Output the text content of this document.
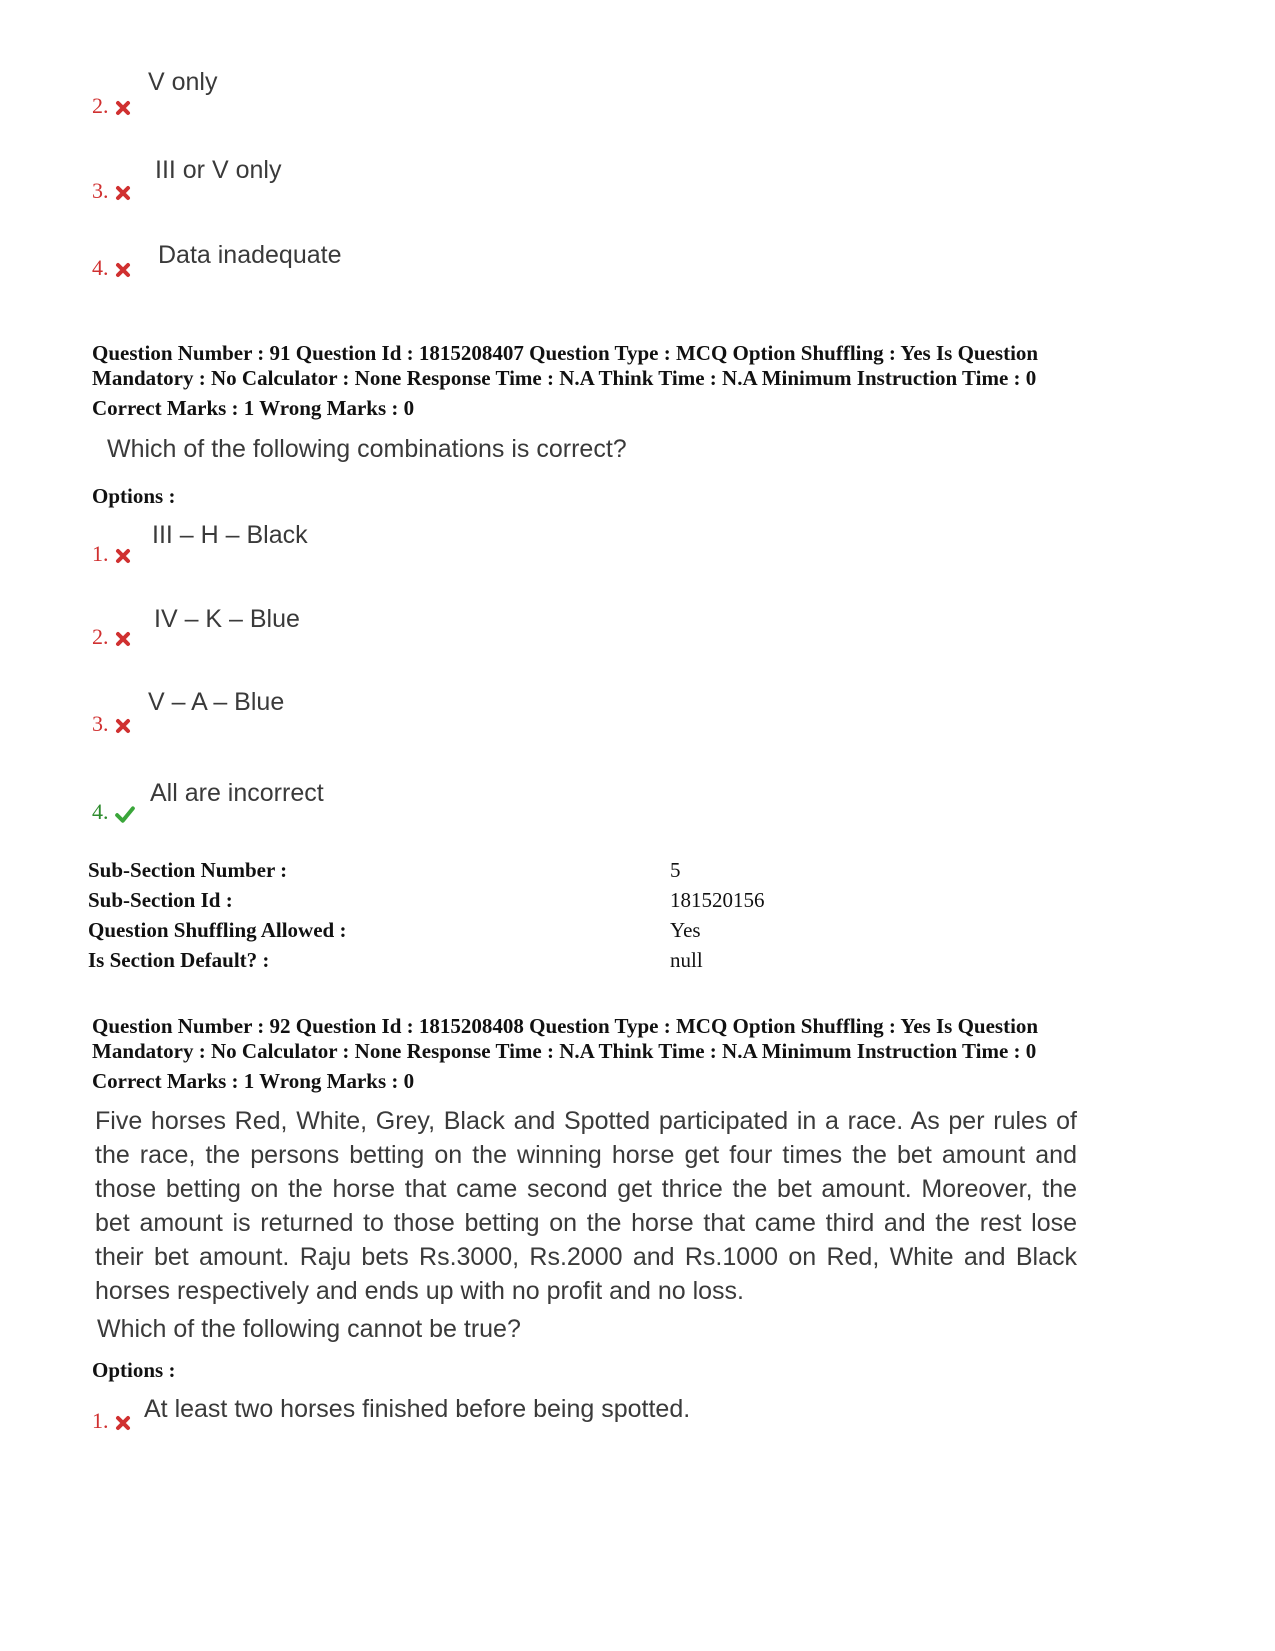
2.
V only
3.
III or V only
4.	Data inadequate
Question Number : 91 Question Id : 1815208407 Question Type : MCQ Option Shuffling : Yes Is Question
Mandatory : No Calculator : None Response Time : N.A Think Time : N.A Minimum Instruction Time : 0
Correct Marks : 1 Wrong Marks : 0
Which of the following combinations is correct?
Options :
1.
III – H – Black
2.
IV – K – Blue
3.
V – A – Blue
4.
All are incorrect
Sub-Section Number :	5
Sub-Section Id :	181520156
Question Shuffling Allowed :	Yes
Is Section Default? :	null
Question Number : 92 Question Id : 1815208408 Question Type : MCQ Option Shuffling : Yes Is Question
Mandatory : No Calculator : None Response Time : N.A Think Time : N.A Minimum Instruction Time : 0
Correct Marks : 1 Wrong Marks : 0
Five horses Red, White, Grey, Black and Spotted participated in a race. As per rules of the race, the persons betting on the winning horse get four times the bet amount and those betting on the horse that came second get thrice the bet amount. Moreover, the bet amount is returned to those betting on the horse that came third and the rest lose their bet amount. Raju bets Rs.3000, Rs.2000 and Rs.1000 on Red, White and Black horses respectively and ends up with no profit and no loss.
Which of the following cannot be true?
Options :
1.	At least two horses finished before being spotted.
